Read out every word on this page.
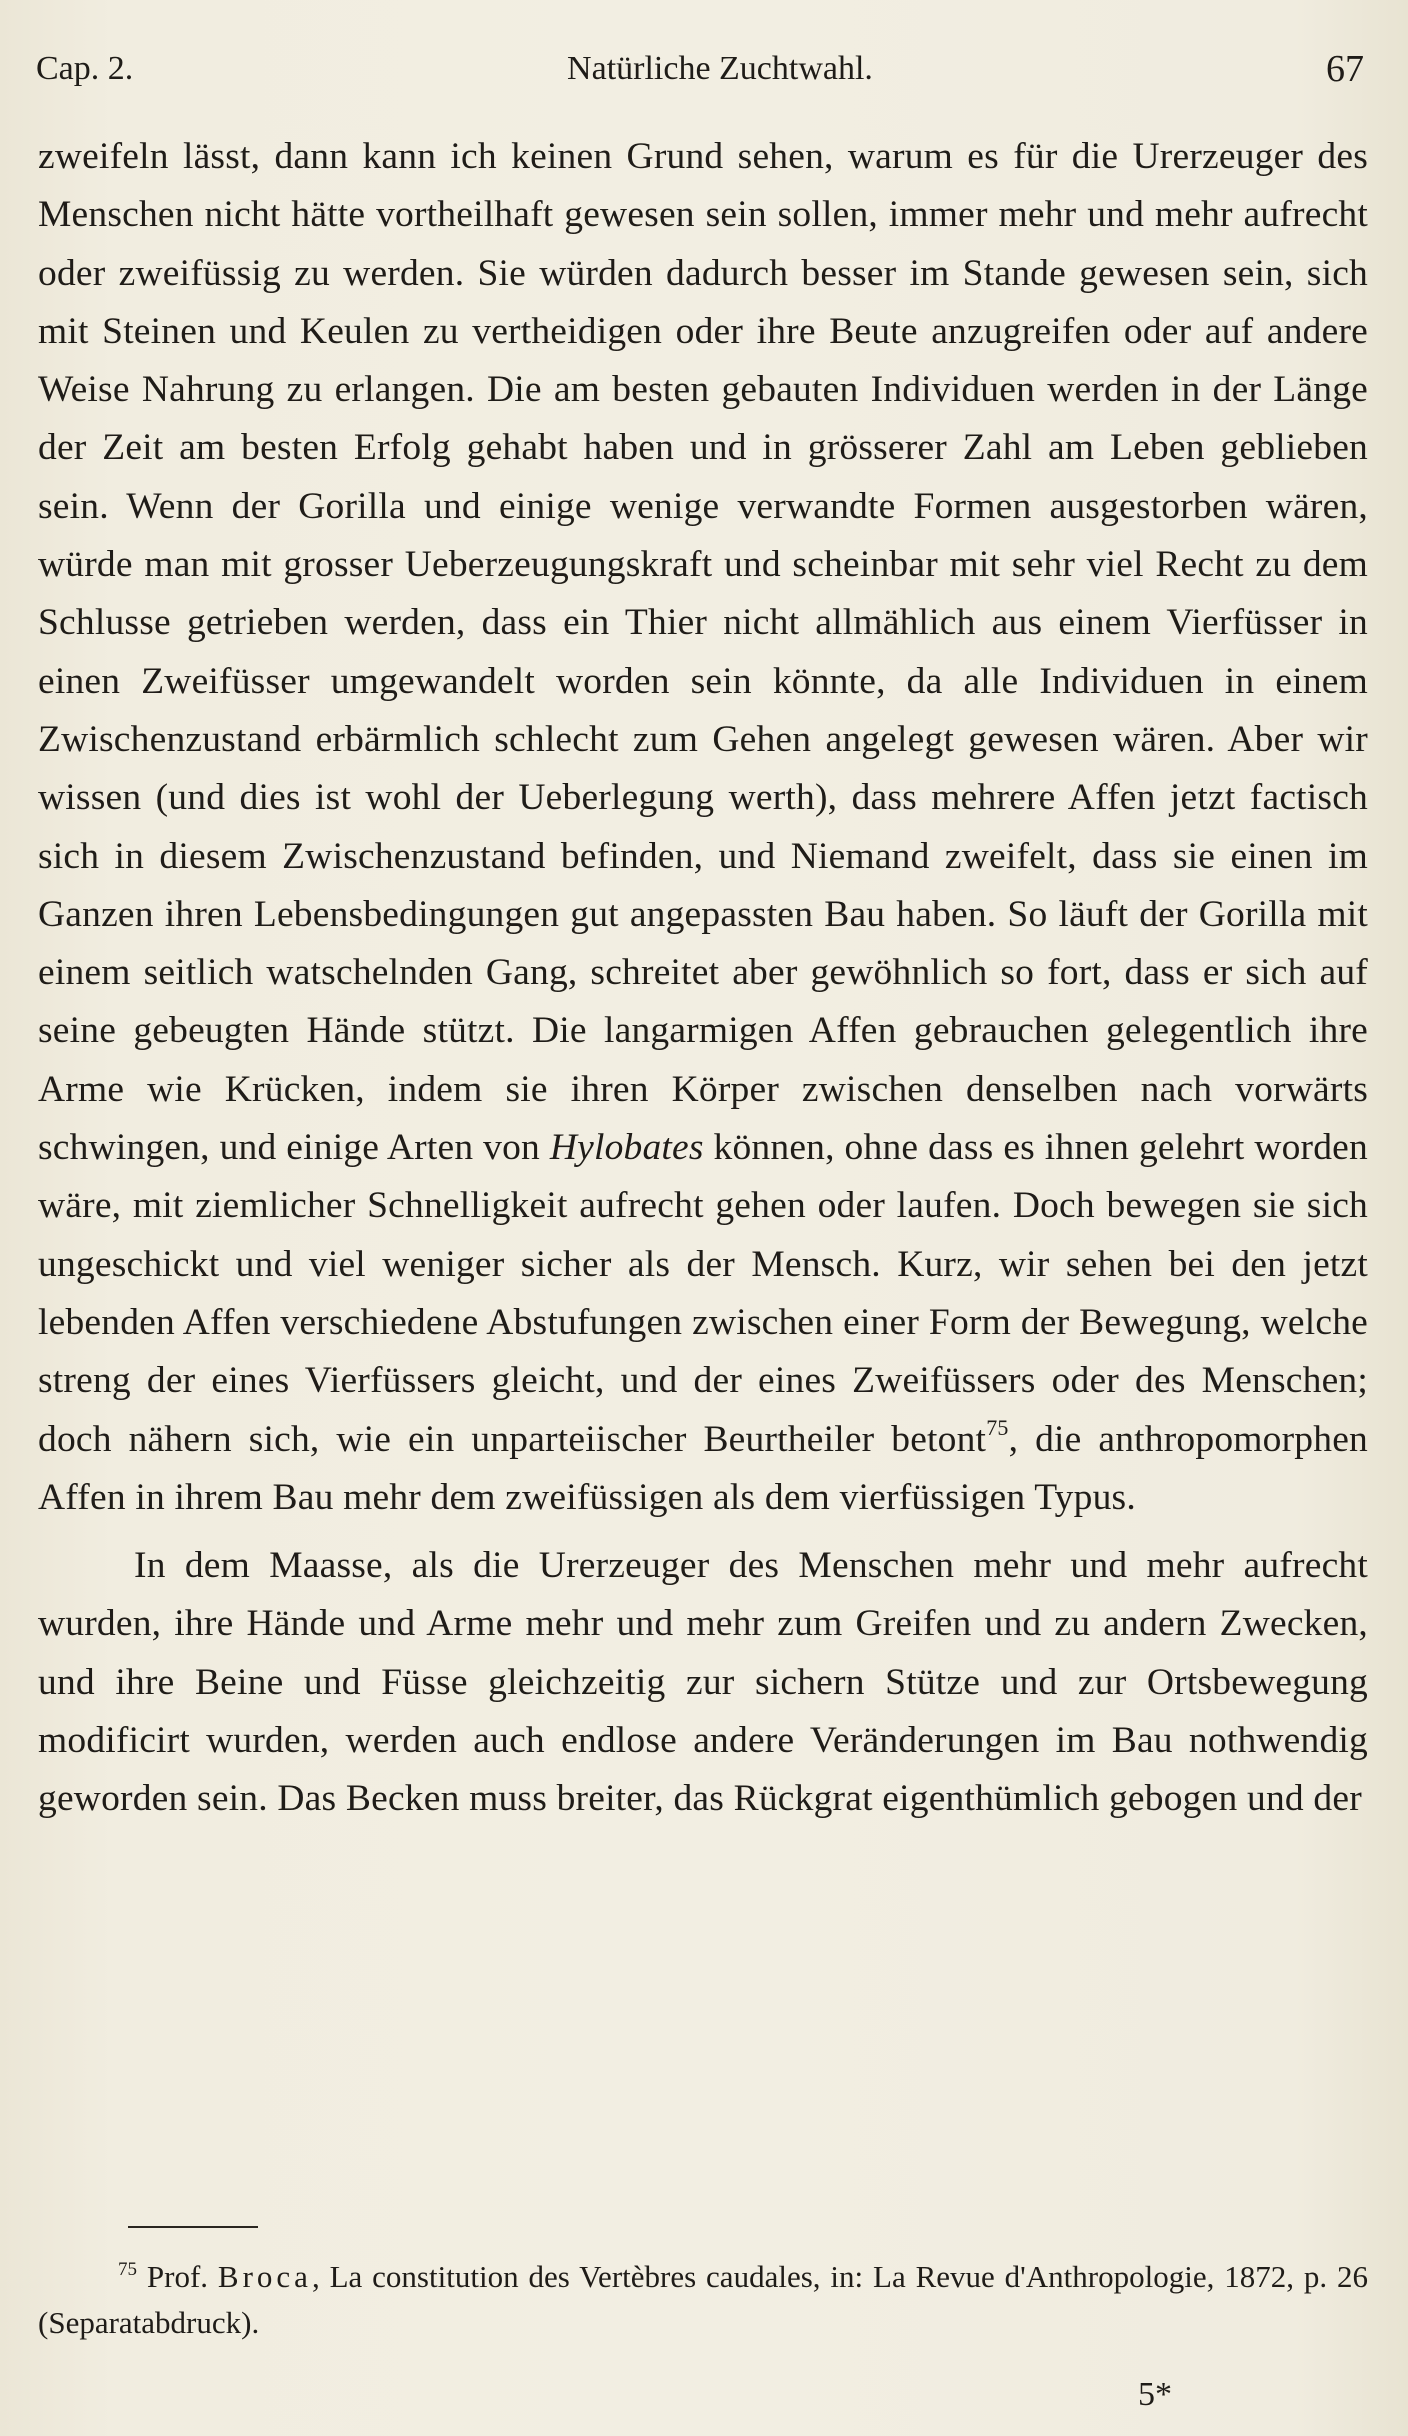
Cap. 2.	Natürliche Zuchtwahl.	67

zweifeln lässt, dann kann ich keinen Grund sehen, warum es für die Urerzeuger des Menschen nicht hätte vortheilhaft gewesen sein sollen, immer mehr und mehr aufrecht oder zweifüssig zu werden. Sie würden dadurch besser im Stande gewesen sein, sich mit Steinen und Keulen zu vertheidigen oder ihre Beute anzugreifen oder auf andere Weise Nahrung zu erlangen. Die am besten gebauten Individuen werden in der Länge der Zeit am besten Erfolg gehabt haben und in grösserer Zahl am Leben geblieben sein. Wenn der Gorilla und einige wenige verwandte Formen ausgestorben wären, würde man mit grosser Ueberzeugungskraft und scheinbar mit sehr viel Recht zu dem Schlusse getrieben werden, dass ein Thier nicht allmählich aus einem Vierfüsser in einen Zweifüsser umgewandelt worden sein könnte, da alle Individuen in einem Zwischenzustand erbärmlich schlecht zum Gehen angelegt gewesen wären. Aber wir wissen (und dies ist wohl der Ueberlegung werth), dass mehrere Affen jetzt factisch sich in diesem Zwischenzustand befinden, und Niemand zweifelt, dass sie einen im Ganzen ihren Lebensbedingungen gut angepassten Bau haben. So läuft der Gorilla mit einem seitlich watschelnden Gang, schreitet aber gewöhnlich so fort, dass er sich auf seine gebeugten Hände stützt. Die langarmigen Affen gebrauchen gelegentlich ihre Arme wie Krücken, indem sie ihren Körper zwischen denselben nach vorwärts schwingen, und einige Arten von Hylobates können, ohne dass es ihnen gelehrt worden wäre, mit ziemlicher Schnelligkeit aufrecht gehen oder laufen. Doch bewegen sie sich ungeschickt und viel weniger sicher als der Mensch. Kurz, wir sehen bei den jetzt lebenden Affen verschiedene Abstufungen zwischen einer Form der Bewegung, welche streng der eines Vierfüssers gleicht, und der eines Zweifüssers oder des Menschen; doch nähern sich, wie ein unparteiischer Beurtheiler betont$^{75}$, die anthropomorphen Affen in ihrem Bau mehr dem zweifüssigen als dem vierfüssigen Typus.

In dem Maasse, als die Urerzeuger des Menschen mehr und mehr aufrecht wurden, ihre Hände und Arme mehr und mehr zum Greifen und zu andern Zwecken, und ihre Beine und Füsse gleichzeitig zur sichern Stütze und zur Ortsbewegung modificirt wurden, werden auch endlose andere Veränderungen im Bau nothwendig geworden sein. Das Becken muss breiter, das Rückgrat eigenthümlich gebogen und der

$^{75}$ Prof. Broca, La constitution des Vertèbres caudales, in: La Revue d'Anthropologie, 1872, p. 26 (Separatabdruck).

5*
